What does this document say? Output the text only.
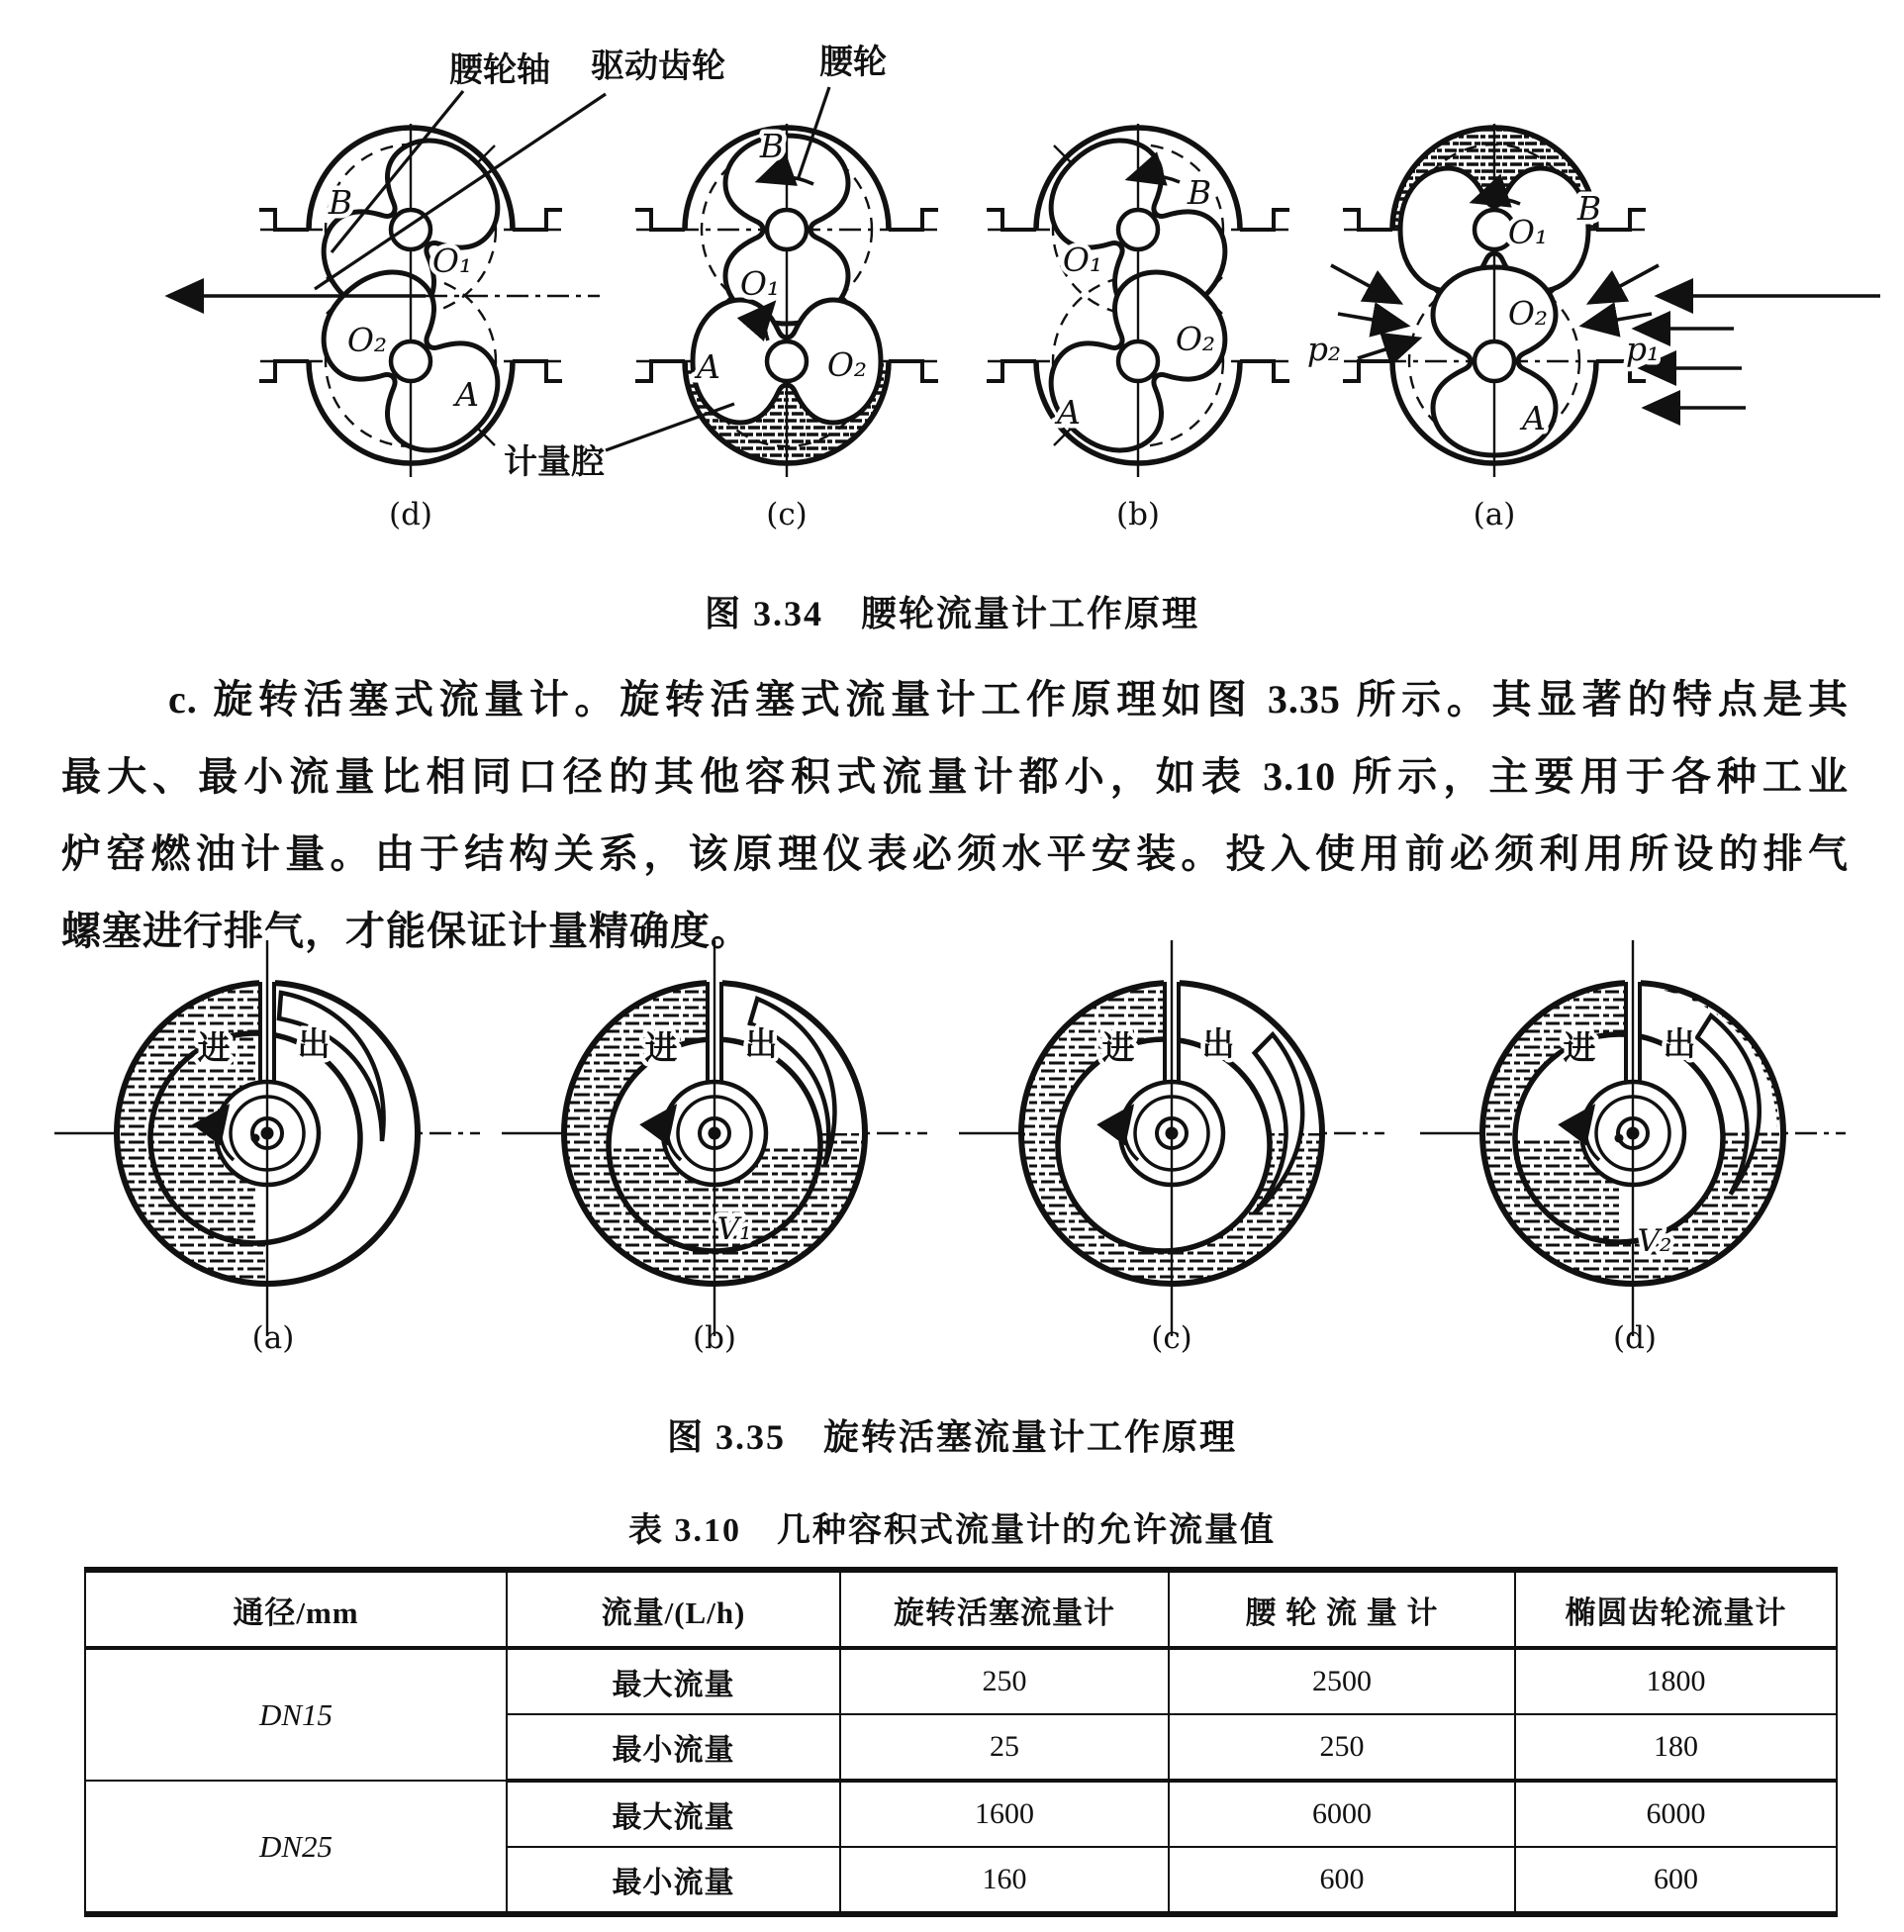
B
O₁
O₂
A
B
O₁
O₂
A
B
O₁
O₂
A
O₁
B
O₂
A
p₂	p₁
腰轮轴 驱动齿轮	腰轮
计量腔
(d)	(c)	(b)	(a)
图 3.34　腰轮流量计工作原理
c. 旋转活塞式流量计。旋转活塞式流量计工作原理如图 3.35 所示。其显著的特点是其
最大、最小流量比相同口径的其他容积式流量计都小，如表 3.10 所示，主要用于各种工业
炉窑燃油计量。由于结构关系，该原理仪表必须水平安装。投入使用前必须利用所设的排气
螺塞进行排气，才能保证计量精确度。
进 出
(a)
进 出
V₁
(b)
进 出
(c)
进 出
V₂
(d)
图 3.35　旋转活塞流量计工作原理
表 3.10　几种容积式流量计的允许流量值
通径/mm	流量/(L/h)	旋转活塞流量计	腰 轮 流 量 计	椭圆齿轮流量计
DN15	最大流量	250	2500	1800
	最小流量	25	250	180
DN25	最大流量	1600	6000	6000
	最小流量	160	600	600
